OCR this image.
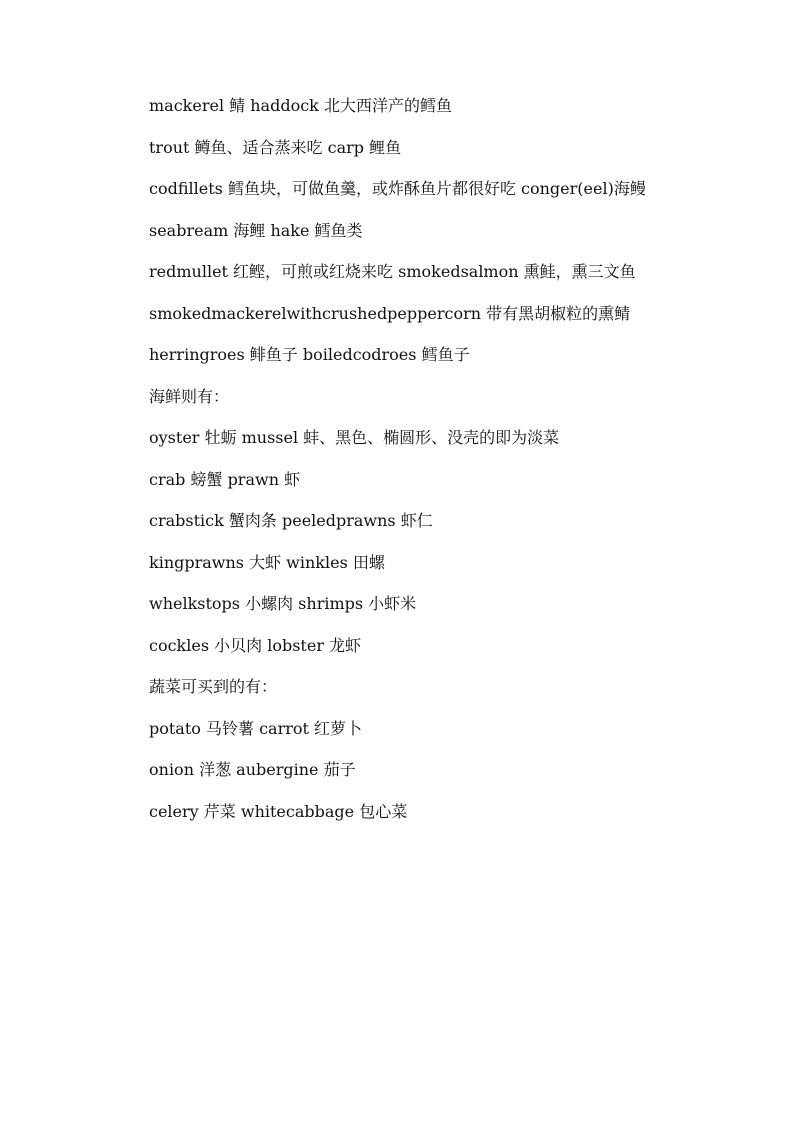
mackerel 鲭 haddock 北大西洋产的鳕鱼

trout 鳟鱼、适合蒸来吃 carp 鲤鱼

codfillets 鳕鱼块，可做鱼羹，或炸酥鱼片都很好吃 conger(eel)海鳗

seabream 海鲤 hake 鳕鱼类

redmullet 红鲣，可煎或红烧来吃 smokedsalmon 熏鲑，熏三文鱼

smokedmackerelwithcrushedpeppercorn 带有黑胡椒粒的熏鲭

herringroes 鲱鱼子 boiledcodroes 鳕鱼子

海鲜则有：

oyster 牡蛎 mussel 蚌、黑色、椭圆形、没壳的即为淡菜

crab 螃蟹 prawn 虾

crabstick 蟹肉条 peeledprawns 虾仁

kingprawns 大虾 winkles 田螺

whelkstops 小螺肉 shrimps 小虾米

cockles 小贝肉 lobster 龙虾

蔬菜可买到的有：

potato 马铃薯 carrot 红萝卜

onion 洋葱 aubergine 茄子

celery 芹菜 whitecabbage 包心菜
